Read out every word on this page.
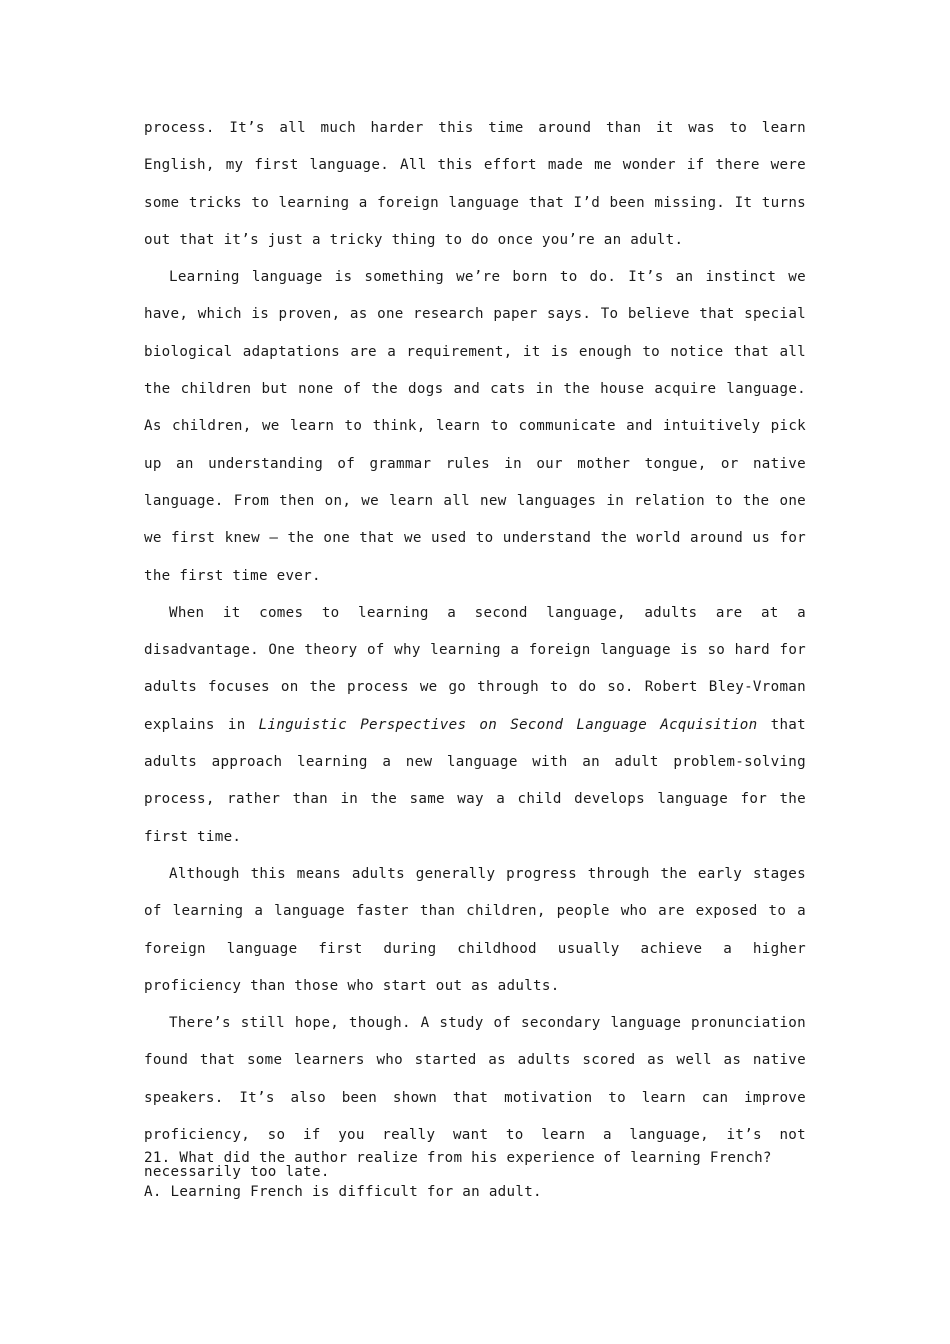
process. It’s all much harder this time around than it was to learn English, my first language. All this effort made me wonder if there were some tricks to learning a foreign language that I’d been missing. It turns out that it’s just a tricky thing to do once you’re an adult.

Learning language is something we’re born to do. It’s an instinct we have, which is proven, as one research paper says. To believe that special biological adaptations are a requirement, it is enough to notice that all the children but none of the dogs and cats in the house acquire language. As children, we learn to think, learn to communicate and intuitively pick up an understanding of grammar rules in our mother tongue, or native language. From then on, we learn all new languages in relation to the one we first knew — the one that we used to understand the world around us for the first time ever.

When it comes to learning a second language, adults are at a disadvantage. One theory of why learning a foreign language is so hard for adults focuses on the process we go through to do so. Robert Bley-Vroman explains in Linguistic Perspectives on Second Language Acquisition that adults approach learning a new language with an adult problem-solving process, rather than in the same way a child develops language for the first time.

Although this means adults generally progress through the early stages of learning a language faster than children, people who are exposed to a foreign language first during childhood usually achieve a higher proficiency than those who start out as adults.

There’s still hope, though. A study of secondary language pronunciation found that some learners who started as adults scored as well as native speakers. It’s also been shown that motivation to learn can improve proficiency, so if you really want to learn a language, it’s not necessarily too late.

21. What did the author realize from his experience of learning French?
A. Learning French is difficult for an adult.
